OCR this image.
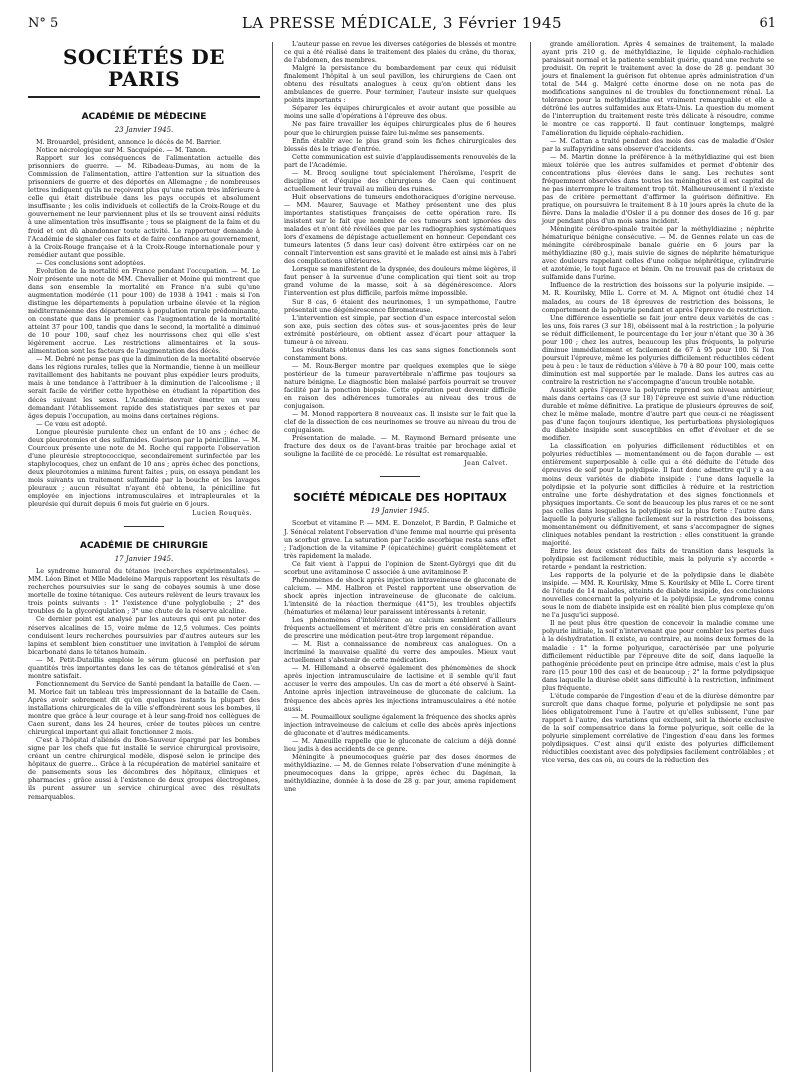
N° 5	LA PRESSE MÉDICALE, 3 Février 1945	61
SOCIÉTÉS DE PARIS
ACADÉMIE DE MÉDECINE
23 Janvier 1945.

M. Brouardel, président, annonce le décès de M. Barrier.

Notice nécrologique sur M. Sacquépée. — M. Tanon.

Rapport sur les conséquences de l'alimentation actuelle des prisonniers de guerre. — M. Ribadeau-Dumas, au nom de la Commission de l'alimentation, attire l'attention sur la situation des prisonniers de guerre et des déportés en Allemagne ; de nombreuses lettres indiquent qu'ils ne reçoivent plus qu'une ration très inférieure à celle qui était distribuée dans les pays occupés et absolument insuffisante ; les colis individuels et collectifs de la Croix-Rouge et du gouvernement ne leur parviennent plus et ils se trouvent ainsi réduits à une alimentation très insuffisante ; tous se plaignent de la faim et du froid et ont dû abandonner toute activité. Le rapporteur demande à l'Académie de signaler ces faits et de faire confiance au gouvernement, à la Croix-Rouge française et à la Croix-Rouge internationale pour y remédier autant que possible.

— Ces conclusions sont adoptées.

Evolution de la mortalité en France pendant l'occupation. — M. Le Noir présente une note de MM. Chevallier et Moine qui montrent que dans son ensemble la mortalité en France n'a subi qu'une augmentation modérée (11 pour 100) de 1938 à 1941 : mais si l'on distingue les départements à population urbaine élevée et la région méditerranéenne des départements à population rurale prédominante, on constate que dans le premier cas l'augmentation de la mortalité atteint 37 pour 100, tandis que dans le second, la mortalité a diminué de 10 pour 100, sauf chez les nourrissons chez qui elle s'est légèrement accrue. Les restrictions alimentaires et la sous-alimentation sont les facteurs de l'augmentation des décès.

— M. Debré ne pense pas que la diminution de la mortalité observée dans les régions rurales, telles que la Normandie, tienne à un meilleur ravitaillement des habitants ne pouvant plus expédier leurs produits, mais à une tendance à l'attribuer à la diminution de l'alcoolisme ; il serait facile de vérifier cette hypothèse en étudiant la répartition des décès suivant les sexes. L'Académie devrait émettre un vœu demandant l'établissement rapide des statistiques par sexes et par âges depuis l'occupation, au moins dans certaines régions.

— Ce vœu est adopté.

Longue pleurésie purulente chez un enfant de 10 ans ; échec de deux pleurotomies et des sulfamides. Guérison par la pénicilline. — M. Courcoux présente une note de M. Roche qui rapporte l'observation d'une pleurésie streptococcique, secondairement surinfectée par les staphylocoques, chez un enfant de 10 ans ; après échec des ponctions, deux pleurotomies a minima furent faites ; puis, on essaya pendant les mois suivants un traitement sulfamidé par la bouche et les lavages pleuraux ; aucun résultat n'ayant été obtenu, la pénicilline fut employée en injections intramusculaires et intrapleurales et la pleurésie qui durait depuis 6 mois fut guérie en 6 jours.

Lucien Rouquès.
ACADÉMIE DE CHIRURGIE
17 Janvier 1945.

Le syndrome humoral du tétanos (recherches expérimentales). — MM. Léon Binet et Mlle Madeleine Marquis rapportent les résultats de recherches poursuivies sur le sang de cobayes soumis à une dose mortelle de toxine tétanique. Ces auteurs relèvent de leurs travaux les trois points suivants : 1° l'existence d'une polyglobulie ; 2° des troubles de la glycorégulation ; 3° une chute de la réserve alcaline.

Ce dernier point est analysé par les auteurs qui ont pu noter des réserves alcalines de 15, voire même de 12,5 volumes. Ces points conduisent leurs recherches poursuivies par d'autres auteurs sur les lapins et semblent bien constituer une invitation à l'emploi de sérum bicarbonaté dans le tétanos humain.

— M. Petit-Dutaillis emploie le sérum glucosé en perfusion par quantités très importantes dans les cas de tétanos généralisé et s'en montre satisfait.

Fonctionnement du Service de Santé pendant la bataille de Caen. — M. Morice fait un tableau très impressionnant de la bataille de Caen. Après avoir sobrement dit qu'en quelques instants la plupart des installations chirurgicales de la ville s'effondrèrent sous les bombes, il montre que grâce à leur courage et à leur sang-froid nos collègues de Caen surent, dans les 24 heures, créer de toutes pièces un centre chirurgical important qui allait fonctionner 2 mois.

C'est à l'hôpital d'aliénés du Bon-Sauveur épargné par les bombes signe par les chefs que fut installé le service chirurgical provisoire, créant un centre chirurgical modèle, disposé selon le principe des hôpitaux de guerre... Grâce à la récupération de matériel sanitaire et de pansements sous les décombres des hôpitaux, cliniques et pharmacies ; grâce aussi à l'existence de deux groupes électrogènes, ils purent assurer un service chirurgical avec des résultats remarquables.

L'auteur passe en revue les diverses catégories de blessés et montre ce qui a été réalisé dans le traitement des plaies du crâne, du thorax, de l'abdomen, des membres.

Malgré la persistance du bombardement par ceux qui réduisit finalement l'hôpital à un seul pavillon, les chirurgiens de Caen ont obtenu des résultats analogues à ceux qu'on obtient dans les ambulances de guerre. Pour terminer, l'auteur insiste sur quelques points importants :

Séparer les équipes chirurgicales et avoir autant que possible au moins une salle d'opérations à l'épreuve des obus.

Ne pas faire travailler les équipes chirurgicales plus de 6 heures pour que le chirurgien puisse faire lui-même ses pansements.

Enfin établir avec le plus grand soin les fiches chirurgicales des blessés dès le triage d'entrée.

Cette communication est suivie d'applaudissements renouvelés de la part de l'Académie.

— M. Brocq souligne tout spécialement l'héroïsme, l'esprit de discipline et d'équipe des chirurgiens de Caen qui continuent actuellement leur travail au milieu des ruines.

Huit observations de tumeurs endothoraciques d'origine nerveuse. — MM. Maurer, Sauvage et Mathey présentent une des plus importantes statistiques françaises de cette opération rare. Ils insistent sur le fait que nombre de ces tumeurs sont ignorées des malades et n'ont été révélées que par les radiographies systématiques lors d'examens de dépistage actuellement en honneur. Cependant ces tumeurs latentes (5 dans leur cas) doivent être extirpées car on ne connaît l'intervention est sans gravité et le malade est ainsi mis à l'abri des complications ultérieures.

Lorsque se manifestent de la dyspnée, des douleurs même légères, il faut penser à la survenue d'une complication qui tient soit au trop grand volume de la masse, soit à sa dégénérescence. Alors l'intervention est plus difficile, parfois même impossible.

Sur 8 cas, 6 étaient des neurinomes, 1 un sympathome, l'autre présentait une dégénérescence fibromateuse.

L'intervention est simple, par section d'un espace intercostal selon son axe, puis section des côtes sus- et sous-jacentes près de leur extrémité postérieure, on obtient assez d'écart pour attaquer la tumeur à ce niveau.

Les résultats obtenus dans les cas sans signes fonctionnels sont constamment bons.

— M. Roux-Berger montre par quelques exemples que le siège postérieur de la tumeur paravertébrale n'affirme pas toujours sa nature bénigne. Le diagnostic bien malaisé parfois pourrait se trouver facilité par la ponction biopsie. Cette opération peut devenir difficile en raison des adhérences tumorales au niveau des trous de conjugaison.

— M. Monod rapportera 8 nouveaux cas. Il insiste sur le fait que la clef de la dissection de ces neurinomes se trouve au niveau du trou de conjugaison.

Présentation de malade. — M. Raymond Bernard présente une fracture des deux os de l'avant-bras traitée par brochage axial et souligne la facilité de ce procédé. Le résultat est remarquable.

Jean Calvet.
SOCIÉTÉ MÉDICALE DES HOPITAUX
19 Janvier 1945.

Scorbut et vitamine P. — MM. E. Donzelot, P. Bardin, P. Galmiche et J. Sénécal relatent l'observation d'une femme mal nourrie qui présenta un scorbut grave. La saturation par l'acide ascorbique resta sans effet ; l'adjonction de la vitamine P (épicatéchine) guérit complètement et très rapidement la malade.

Ce fait vient à l'appui de l'opinion de Szent-Györgyi que dit du scorbut une avitaminose C associée à une avitaminose P.

Phénomènes de shock après injection intraveineuse de gluconate de calcium. — MM. Halbron et Pestel rapportent une observation de shock après injection intraveineuse de gluconate de calcium. L'intensité de la réaction thermique (41°5), les troubles objectifs (hématuries et mélæna) leur paraissent intéressants à retenir.

Les phénomènes d'intolérance au calcium semblent d'ailleurs fréquents actuellement et méritent d'être pris en considération avant de prescrire une médication peut-être trop largement répandue.

— M. Rist a connaissance de nombreux cas analogues. On a incriminé la mauvaise qualité du verre des ampoules. Mieux vaut actuellement s'abstenir de cette médication.

— M. Hillemand a observé également des phénomènes de shock après injection intramusculaire de lactisine et il semble qu'il faut accuser le verre des ampoules. Un cas de mort a été observé à Saint-Antoine après injection intraveineuse de gluconate de calcium. La fréquence des abcès après les injections intramusculaires a été notée aussi.

— M. Poumailloux souligne également la fréquence des shocks après injection intraveineuse de calcium et celle des abcès après injections de gluconate et d'autres médicaments.

— M. Ameuille rappelle que le gluconate de calcium a déjà donné lieu jadis à des accidents de ce genre.

Méningite à pneumocoques guérie par des doses énormes de méthyldiazine. — M. de Gennes relate l'observation d'une méningite à pneumocoques dans la grippe, après échec du Dagénan, la méthyldiazine, donnée à la dose de 28 g. par jour, amena rapidement une

grande amélioration. Après 4 semaines de traitement, la malade ayant pris 210 g. de méthyldiazine, le liquide céphalo-rachidien paraissait normal et la patiente semblait guérie, quand une rechute se produisit. On reprit le traitement avec la dose de 28 g. pendant 30 jours et finalement la guérison fut obtenue après administration d'un total de 544 g. Malgré cette énorme dose on ne nota pas de modifications sanguines ni de troubles du fonctionnement rénal. La tolérance pour la méthyldiazine est vraiment remarquable et elle a détrôné les autres sulfamides aux Etats-Unis. La question du moment de l'interruption du traitement reste très délicate à résoudre, comme le montre ce cas rapporté. Il faut continuer longtemps, malgré l'amélioration du liquide céphalo-rachidien.

— M. Cattan a traité pendant des mois des cas de maladie d'Osler par la sulfapyridine sans observer d'accidents.

— M. Martin donne la préférence à la méthyldiazine qui est bien mieux tolérée que les autres sulfamides et permet d'obtenir des concentrations plus élevées dans le sang. Les rechutes sont fréquemment observées dans toutes les méningites et il est capital de ne pas interrompre le traitement trop tôt. Malheureusement il n'existe pas de critère permettant d'affirmer la guérison définitive. En pratique, on poursuivra le traitement 8 à 10 jours après la chute de la fièvre. Dans la maladie d'Osler il a pu donner des doses de 16 g. par jour pendant plus d'un mois sans incident.

Méningite cérébro-spinale traitée par la méthyldiazine ; néphrite hématurique bénigne consécutive. — M. de Gennes relate un cas de méningite cérébrospinale banale guérie en 6 jours par la méthyldiazine (80 g.), mais suivie de signes de néphrite hématurique avec douleurs rappelant celles d'une colique néphrétique, cylindrurie et azotémie, le tout fugace et bénin. On ne trouvait pas de cristaux de sulfamide dans l'urine.

Influence de la restriction des boissons sur la polyurie insipide. — M. R. Kourilsky, Mlle L. Corre et M. A. Mignot ont étudié chez 14 malades, au cours de 18 épreuves de restriction des boissons, le comportement de la polyurie pendant et après l'épreuve de restriction.

Une différence essentielle se fait jour entre deux variétés de cas : les uns, fois rares (3 sur 18), obéissent mal à la restriction ; la polyurie se réduit difficilement, le pourcentage du 1er jour n'étant que 30 à 36 pour 100 ; chez les autres, beaucoup les plus fréquents, la polyurie diminue immédiatement et facilement de 67 à 95 pour 100. Si l'on poursuit l'épreuve, même les polyuries difficilement réductibles cèdent peu à peu : le taux de réduction s'élève à 70 à 80 pour 100, mais cette diminution est mal supportée par le malade. Dans les autres cas au contraire la restriction ne s'accompagne d'aucun trouble notable.

Aussitôt après l'épreuve la polyurie reprend son niveau antérieur, mais dans certains cas (3 sur 18) l'épreuve est suivie d'une réduction durable et même définitive. La pratique de plusieurs épreuves de soif, chez le même malade, montre d'autre part que ceux-ci ne réagissent pas d'une façon toujours identique, les perturbations physiologiques du diabète insipide sont susceptibles en effet d'évoluer et de se modifier.

La classification en polyuries difficilement réductibles et en polyuries réductibles — momentanément ou de façon durable — est entièrement superposable à celle qui a été déduite de l'étude des épreuves de soif pour la polydipsie. Il faut donc admettre qu'il y a au moins deux variétés de diabète insipide : l'une dans laquelle la polydipsie et la polyurie sont difficiles à réduire et la restriction entraîne une forte déshydratation et des signes fonctionnels et physiques importants. Ce sont de beaucoup les plus rares et ce ne sont pas celles dans lesquelles la polydipsie est la plus forte : l'autre dans laquelle la polyurie s'aligne facilement sur la restriction des boissons, momentanément ou définitivement, et sans s'accompagner de signes cliniques notables pendant la restriction : elles constituent la grande majorité.

Entre les deux existent des faits de transition dans lesquels la polydipsie est facilement réductible, mais la polyurie s'y accorde « retarde » pendant la restriction.

Les rapports de la polyurie et de la polydipsie dans le diabète insipide. — MM. R. Kourilsky, Mme S. Kourilsky et Mlle L. Corre tirent de l'étude de 14 malades, atteints de diabète insipide, des conclusions nouvelles concernant la polyurie et la polydipsie. Le syndrome connu sous le nom de diabète insipide est en réalité bien plus complexe qu'on ne l'a jusqu'ici supposé.

Il ne peut plus être question de concevoir la maladie comme une polyurie initiale, la soif n'intervenant que pour combler les pertes dues à la déshydratation. Il existe, au contraire, au moins deux formes de la maladie : 1° la forme polyurique, caractérisée par une polyurie difficilement réductible par l'épreuve dite de soif, dans laquelle la pathogénie précédente peut en principe être admise, mais c'est la plus rare (15 pour 100 des cas) et de beaucoup ; 2° la forme polydipsique dans laquelle la diurèse obéit sans difficulté à la restriction, infiniment plus fréquente.

L'étude comparée de l'ingestion d'eau et de la diurèse démontre par surcroît que dans chaque forme, polyurie et polydipsie ne sont pas liées obligatoirement l'une à l'autre et qu'elles subissent, l'une par rapport à l'autre, des variations qui excluent, soit la théorie exclusive de la soif compensatrice dans la forme polyurique, soit celle de la polyurie simplement corrélative de l'ingestion d'eau dans les formes polydipsiques. C'est ainsi qu'il existe des polyuries difficilement réductibles coexistant avec des polydipsies facilement contrôlables ; et vice versa, des cas où, au cours de la réduction des
